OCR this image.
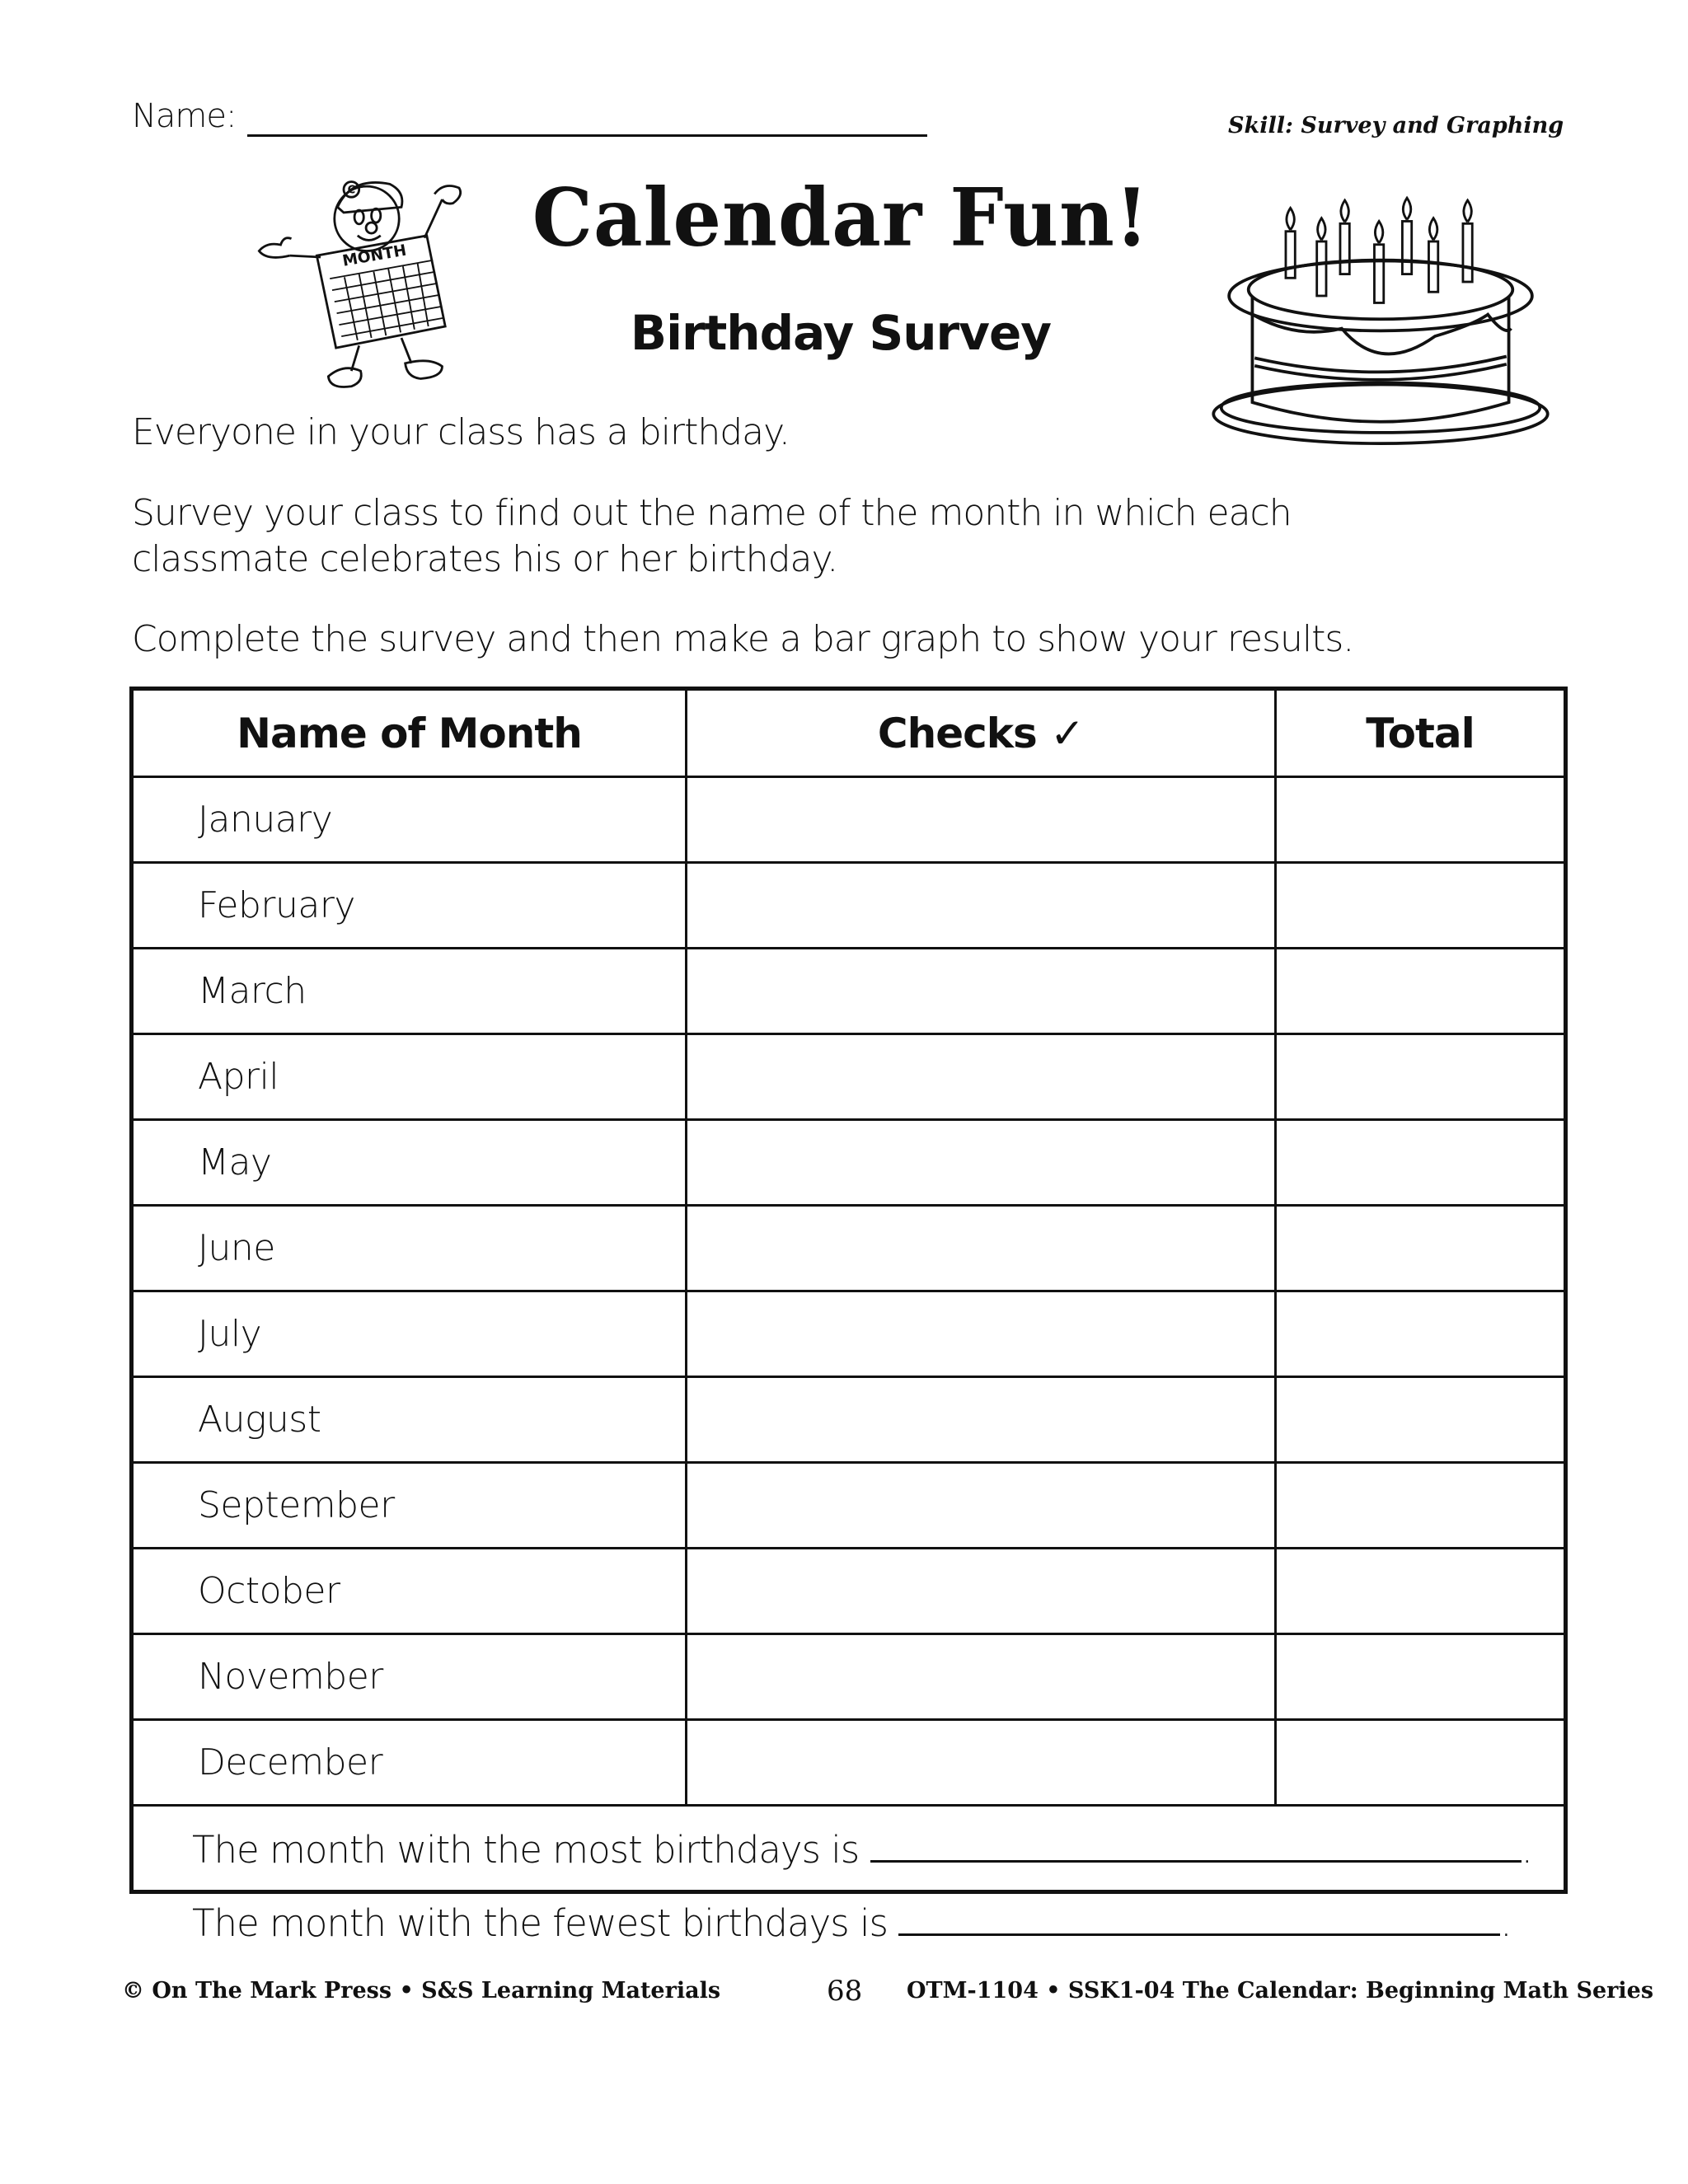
Name:	Skill: Survey and Graphing
C
MONTH Calendar Fun!
Birthday Survey
Everyone in your class has a birthday.
Survey your class to find out the name of the month in which each classmate celebrates his or her birthday.
Complete the survey and then make a bar graph to show your results.
Name of Month	Checks ✓	Total
January		
February		
March		
April		
May		
June		
July		
August		
September		
October		
November		
December		

The month with the most birthdays is	.
The month with the fewest birthdays is	.
© On The Mark Press • S&S Learning Materials	68 OTM-1104 • SSK1-04 The Calendar: Beginning Math Series
